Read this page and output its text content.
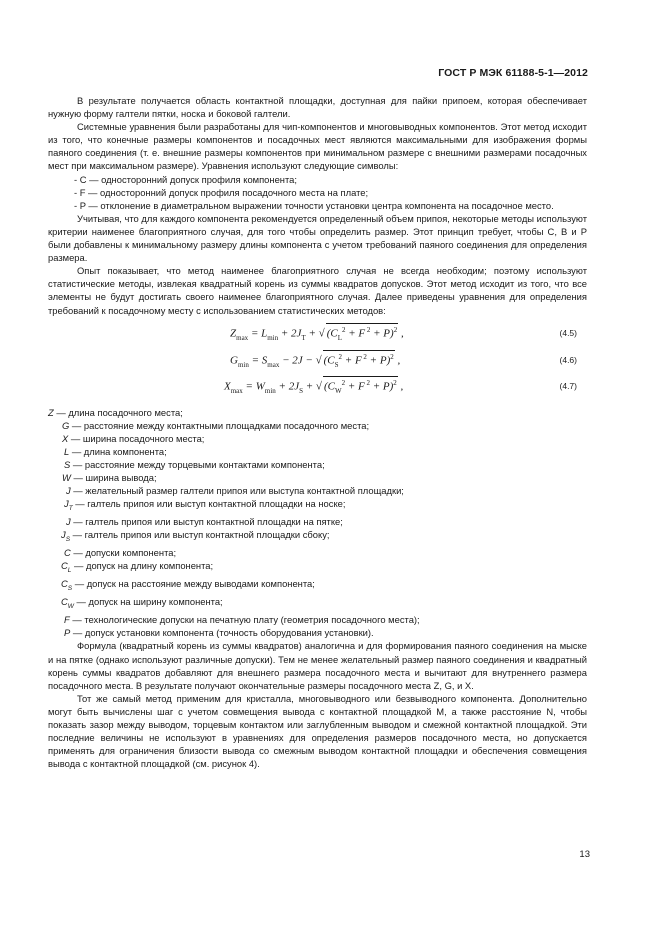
ГОСТ Р МЭК 61188-5-1—2012

В результате получается область контактной площадки, доступная для пайки припоем, которая обеспечивает нужную форму галтели пятки, носка и боковой галтели.

Системные уравнения были разработаны для чип-компонентов и многовыводных компонентов. Этот метод исходит из того, что конечные размеры компонентов и посадочных мест являются максимальными для изображения формы паяного соединения (т. е. внешние размеры компонентов при минимальном размере с внешними размерами посадочных мест при максимальном размере). Уравнения используют следующие символы:

- C — односторонний допуск профиля компонента;

- F — односторонний допуск профиля посадочного места на плате;

- P — отклонение в диаметральном выражении точности установки центра компонента на посадочное место.

Учитывая, что для каждого компонента рекомендуется определенный объем припоя, некоторые методы используют критерии наименее благоприятного случая, для того чтобы определить размер. Этот принцип требует, чтобы C, B и P были добавлены к минимальному размеру длины компонента с учетом требований паяного соединения для определения размера.

Опыт показывает, что метод наименее благоприятного случая не всегда необходим; поэтому используют статистические методы, извлекая квадратный корень из суммы квадратов допусков. Этот метод исходит из того, что все элементы не будут достигать своего наименее благоприятного случая. Далее приведены уравнения для определения требований к посадочному месту с использованием статистических методов:

$Z_{max} = L_{min} + 2J_T$ + √ ($C_L^2 + F$ $^2$ + P)$^2$ ,	(4.5)
$G_{min} = S_{max} - 2J$ − √ ($C_S^2 + F$ $^2$ + P)$^2$ ,	(4.6)
$X_{max} = W_{min} + 2J_S$ + √ ($C_W^2 + F$ $^2$ + P)$^2$ ,	(4.7)

Z — длина посадочного места;

G — расстояние между контактными площадками посадочного места;

X — ширина посадочного места;

L — длина компонента;

S — расстояние между торцевыми контактами компонента;

W — ширина вывода;

J — желательный размер галтели припоя или выступа контактной площадки;

$J_T$ — галтель припоя или выступ контактной площадки на носке;

J — галтель припоя или выступ контактной площадки на пятке;

$J_S$ — галтель припоя или выступ контактной площадки сбоку;

C — допуски компонента;

$C_L$ — допуск на длину компонента;

$C_S$ — допуск на расстояние между выводами компонента;

$C_W$ — допуск на ширину компонента;

F — технологические допуски на печатную плату (геометрия посадочного места);

P — допуск установки компонента (точность оборудования установки).

Формула (квадратный корень из суммы квадратов) аналогична и для формирования паяного соединения на мыске и на пятке (однако используют различные допуски). Тем не менее желательный размер паяного соединения и квадратный корень суммы квадратов добавляют для внешнего размера посадочного места и вычитают для внутреннего размера посадочного места. В результате получают окончательные размеры посадочного места Z, G, и X.

Тот же самый метод применим для кристалла, многовыводного или безвыводного компонента. Дополнительно могут быть вычислены шаг с учетом совмещения вывода с контактной площадкой M, а также расстояние N, чтобы показать зазор между выводом, торцевым контактом или заглубленным выводом и смежной контактной площадкой. Эти последние величины не используют в уравнениях для определения размеров посадочного места, но допускается применять для ограничения близости вывода со смежным выводом контактной площадки и обеспечения совмещения вывода с контактной площадкой (см. рисунок 4).

13
